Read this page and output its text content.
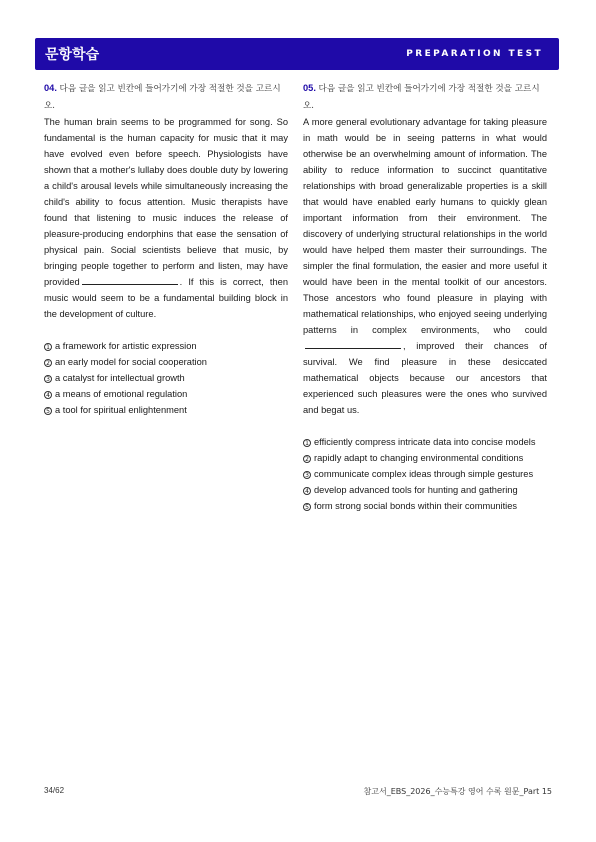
문항학습	PREPARATION TEST
04. 다음 글을 읽고 빈칸에 들어가기에 가장 적절한 것을 고르시오.
The human brain seems to be programmed for song. So fundamental is the human capacity for music that it may have evolved even before speech. Physiologists have shown that a mother's lullaby does double duty by lowering a child's arousal levels while simultaneously increasing the child's ability to focus attention. Music therapists have found that listening to music induces the release of pleasure-producing endorphins that ease the sensation of physical pain. Social scientists believe that music, by bringing people together to perform and listen, may have provided	. If this is correct, then music would seem to be a fundamental building block in the development of culture.
1 a framework for artistic expression
2 an early model for social cooperation
3 a catalyst for intellectual growth
4 a means of emotional regulation
5 a tool for spiritual enlightenment
05. 다음 글을 읽고 빈칸에 들어가기에 가장 적절한 것을 고르시오.
A more general evolutionary advantage for taking pleasure in math would be in seeing patterns in what would otherwise be an overwhelming amount of information. The ability to reduce information to succinct quantitative relationships with broad generalizable properties is a skill that would have enabled early humans to quickly glean important information from their environment. The discovery of underlying structural relationships in the world would have helped them master their surroundings. The simpler the final formulation, the easier and more useful it would have been in the mental toolkit of our ancestors. Those ancestors who found pleasure in playing with mathematical relationships, who enjoyed seeing underlying patterns in complex environments, who could, improved their chances of survival. We find pleasure in these desiccated mathematical objects because our ancestors that experienced such pleasures were the ones who survived and begat us.
1 efficiently compress intricate data into concise models
2 rapidly adapt to changing environmental conditions
3 communicate complex ideas through simple gestures
4 develop advanced tools for hunting and gathering
5 form strong social bonds within their communities
34/62	참고서_EBS_2026_수능특강 영어 수록 원문_Part 15
